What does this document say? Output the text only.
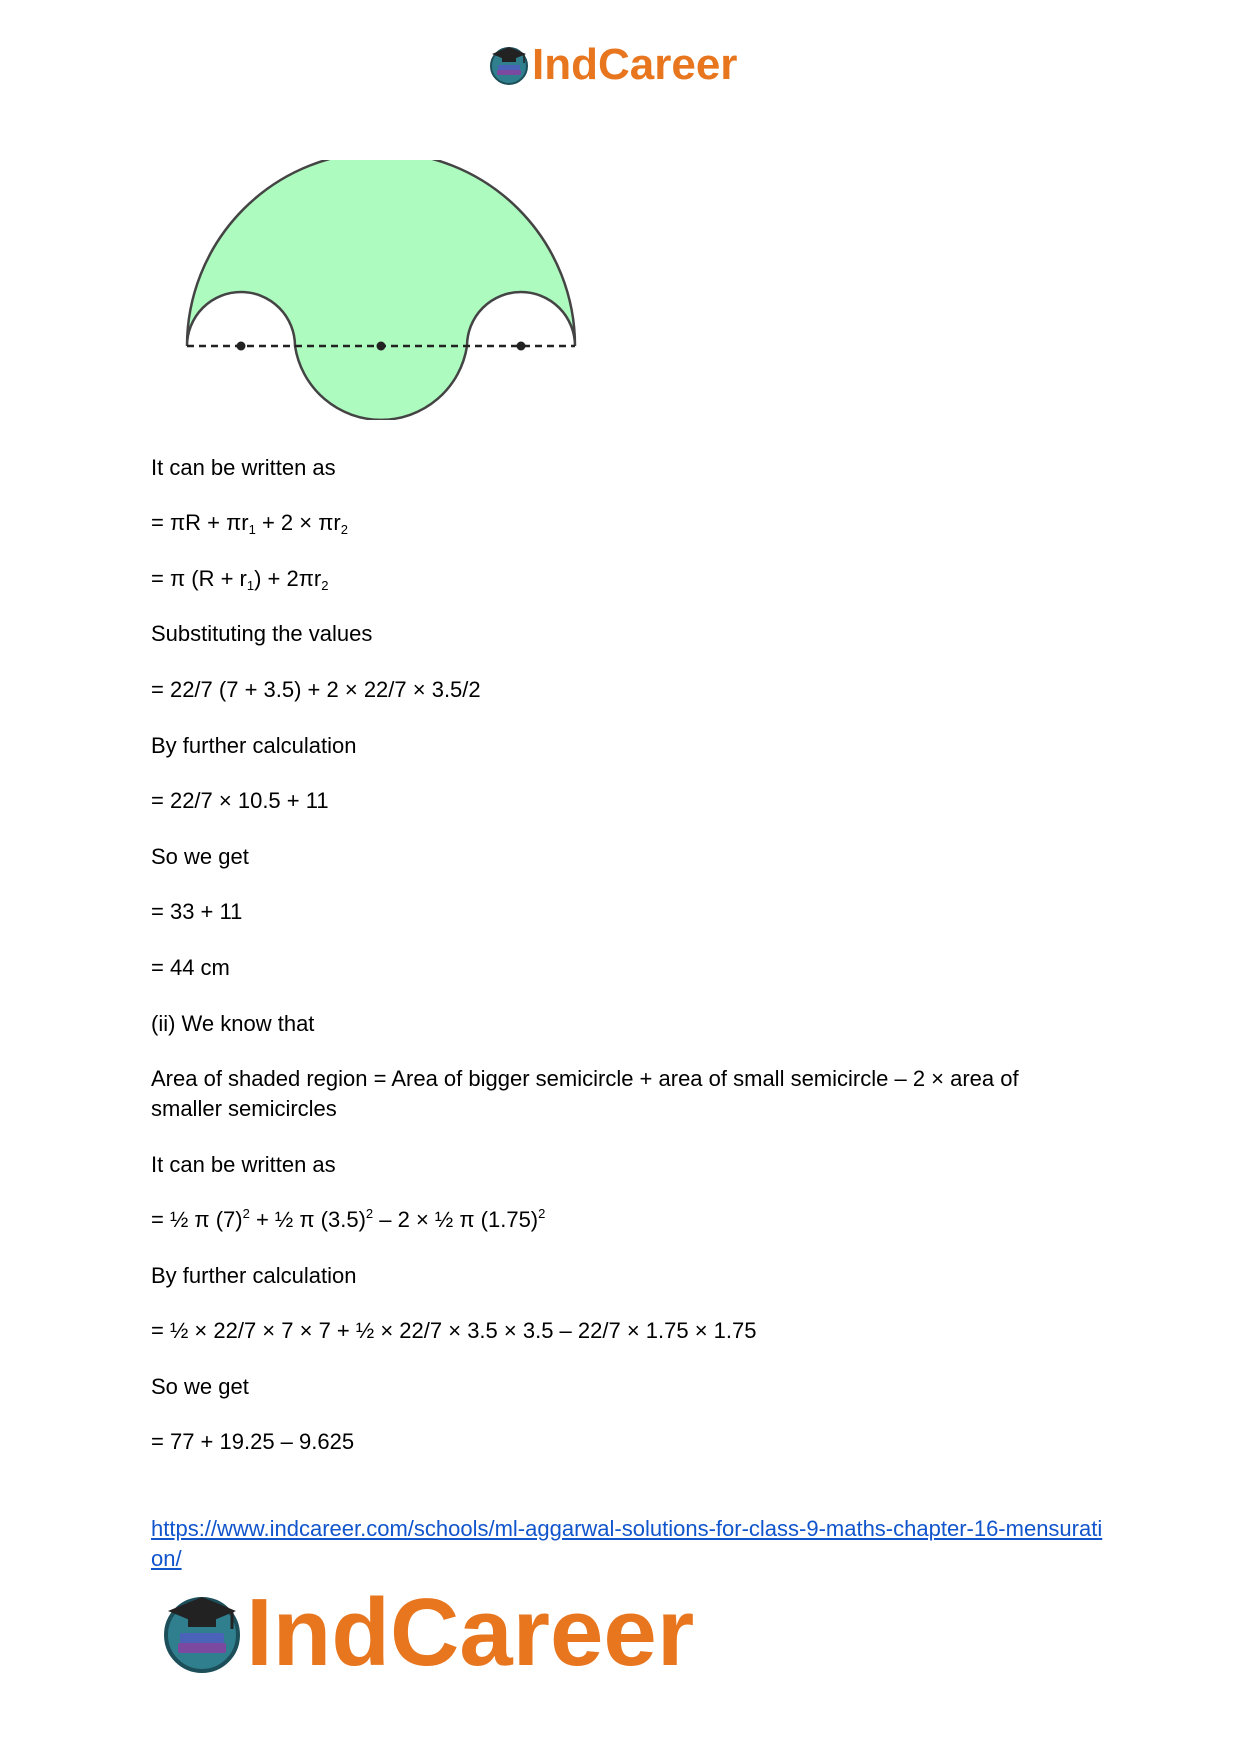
IndCareer
It can be written as
= $\pi R + \pi r_1 + 2 \times \pi r_2$
= π $(R + r_1) + 2\pi r_2$
Substituting the values
= 22/7 (7 + 3.5) + 2 × 22/7 × 3.5/2
By further calculation
= 22/7 × 10.5 + 11
So we get
= 33 + 11
= 44 cm
(ii) We know that
Area of shaded region = Area of bigger semicircle + area of small semicircle – 2 × area of smaller semicircles
It can be written as
= ½ π $(7)^2$ + ½ π $(3.5)^2 - 2$ × ½ π $(1.75)^2$
By further calculation
= ½ × 22/7 × 7 × 7 + ½ × 22/7 × 3.5 × 3.5 – 22/7 × 1.75 × 1.75
So we get
= 77 + 19.25 – 9.625
https://www.indcareer.com/schools/ml-aggarwal-solutions-for-class-9-maths-chapter-16-mensuration/
IndCareer
